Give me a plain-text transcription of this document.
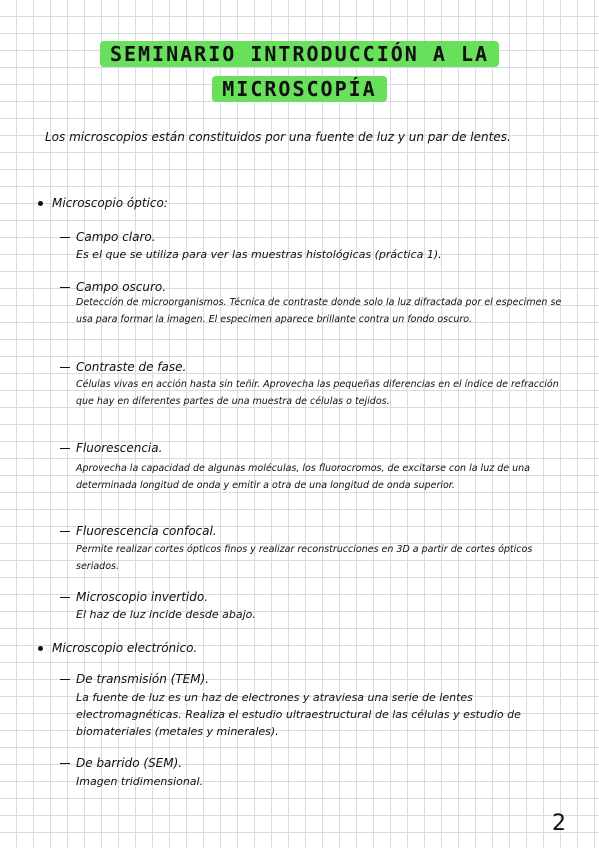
SEMINARIO INTRODUCCIÓN A LA
MICROSCOPÍA
Los microscopios están constituidos por una fuente de luz y un par de lentes.
Microscopio óptico:
Campo claro.
Es el que se utiliza para ver las muestras histológicas (práctica 1).
Campo oscuro.
Detección de microorganismos. Técnica de contraste donde solo la luz difractada por el especimen se usa para formar la imagen. El especimen aparece brillante contra un fondo oscuro.
Contraste de fase.
Células vivas en acción hasta sin teñir. Aprovecha las pequeñas diferencias en el índice de refracción que hay en diferentes partes de una muestra de células o tejidos.
Fluorescencia.
Aprovecha la capacidad de algunas moléculas, los fluorocromos, de excitarse con la luz de una determinada longitud de onda y emitir a otra de una longitud de onda superior.
Fluorescencia confocal.
Permite realizar cortes ópticos finos y realizar reconstrucciones en 3D a partir de cortes ópticos seriados.
Microscopio invertido.
El haz de luz incide desde abajo.
Microscopio electrónico.
De transmisión (TEM).
La fuente de luz es un haz de electrones y atraviesa una serie de lentes electromagnéticas. Realiza el estudio ultraestructural de las células y estudio de biomateriales (metales y minerales).
De barrido (SEM).
Imagen tridimensional.
2
